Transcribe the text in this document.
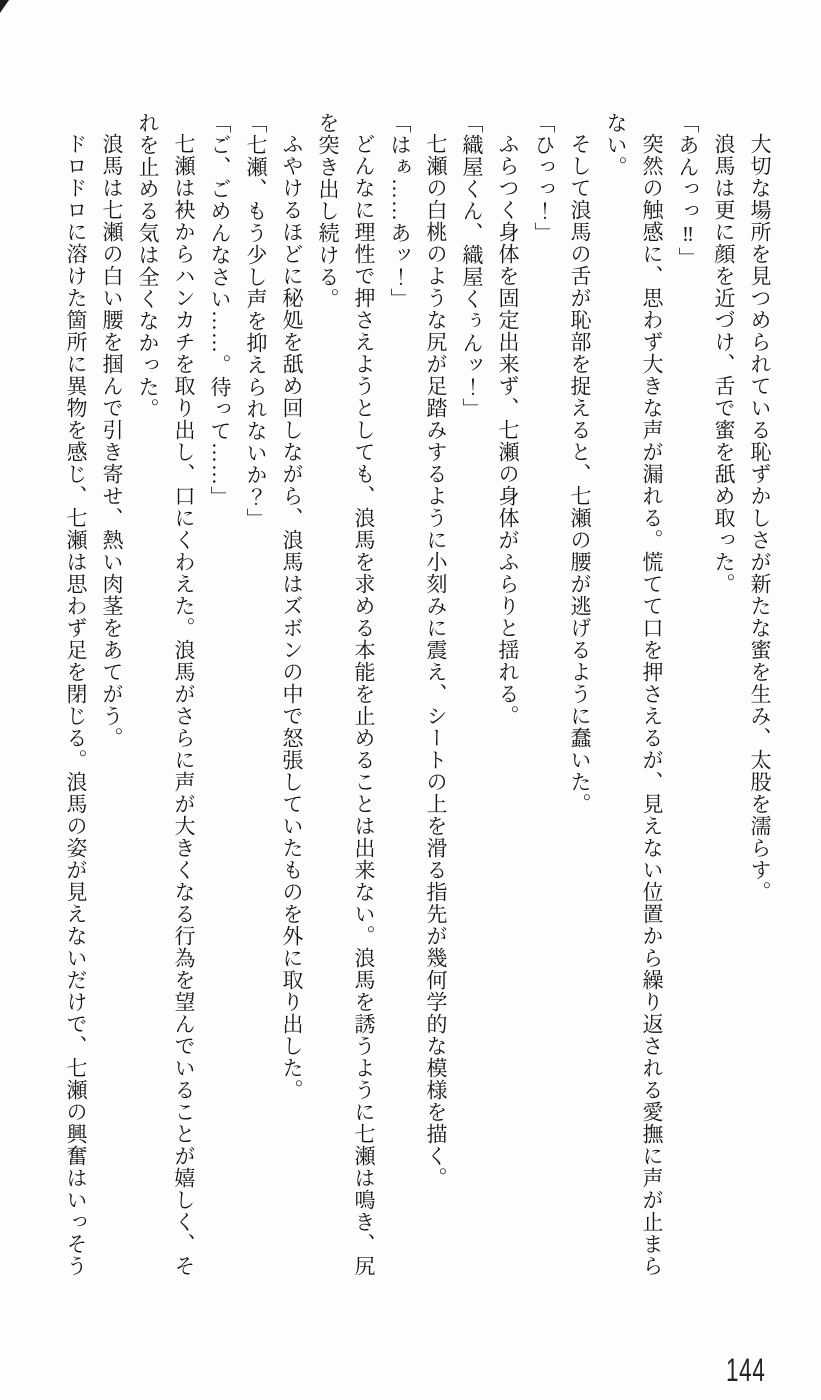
大切な場所を見つめられている恥ずかしさが新たな蜜を生み、太股を濡らす。

浪馬は更に顔を近づけ、舌で蜜を舐め取った。

「あんっっ‼」

突然の触感に、思わず大きな声が漏れる。慌てて口を押さえるが、見えない位置から繰り返される愛撫に声が止まらない。

そして浪馬の舌が恥部を捉えると、七瀬の腰が逃げるように蠢いた。

「ひっっ！」

ふらつく身体を固定出来ず、七瀬の身体がふらりと揺れる。

「織屋くん、織屋くぅんッ！」

七瀬の白桃のような尻が足踏みするように小刻みに震え、シートの上を滑る指先が幾何学的な模様を描く。

「はぁ……あッ！」

どんなに理性で押さえようとしても、浪馬を求める本能を止めることは出来ない。浪馬を誘うように七瀬は鳴き、尻を突き出し続ける。

ふやけるほどに秘処を舐め回しながら、浪馬はズボンの中で怒張していたものを外に取り出した。

「七瀬、もう少し声を抑えられないか？」

「ご、ごめんなさい……。待って……」

七瀬は袂からハンカチを取り出し、口にくわえた。浪馬がさらに声が大きくなる行為を望んでいることが嬉しく、それを止める気は全くなかった。

浪馬は七瀬の白い腰を掴んで引き寄せ、熱い肉茎をあてがう。

ドロドロに溶けた箇所に異物を感じ、七瀬は思わず足を閉じる。浪馬の姿が見えないだけで、七瀬の興奮はいっそう

144
